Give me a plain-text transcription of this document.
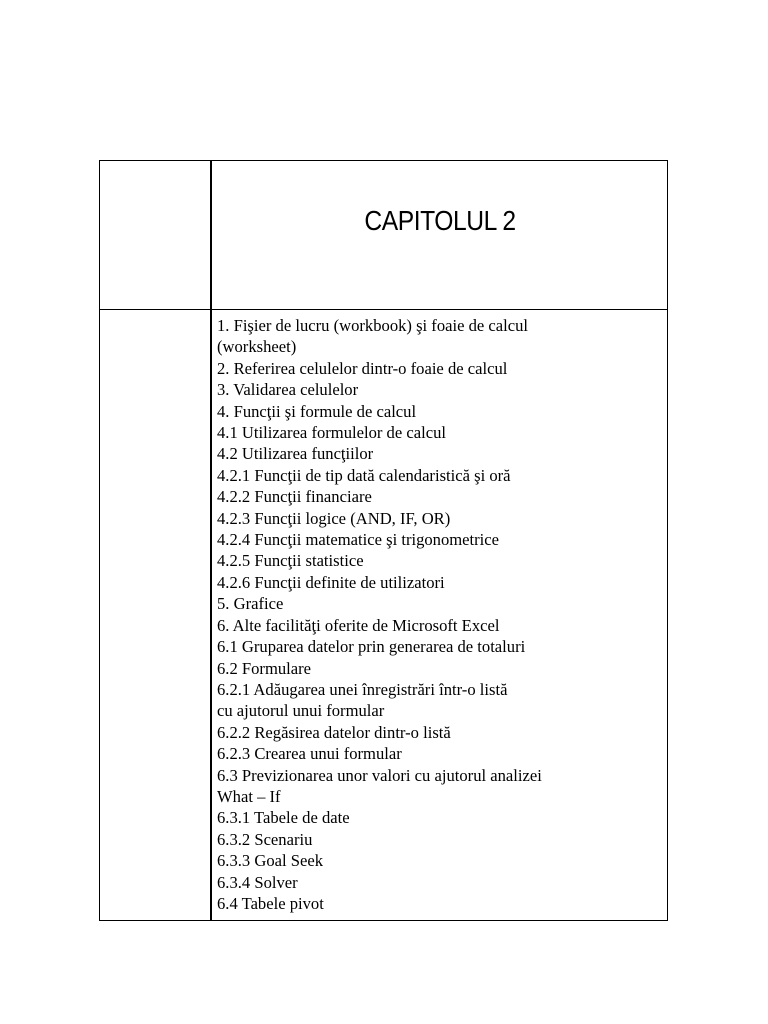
CAPITOLUL 2
1. Fişier de lucru (workbook) şi foaie de calcul
(worksheet)
2. Referirea celulelor dintr-o foaie de calcul
3. Validarea celulelor
4. Funcţii şi formule de calcul
4.1 Utilizarea formulelor de calcul
4.2 Utilizarea funcţiilor
4.2.1 Funcţii de tip dată calendaristică şi oră
4.2.2 Funcţii financiare
4.2.3 Funcţii logice (AND, IF, OR)
4.2.4 Funcţii matematice şi trigonometrice
4.2.5 Funcţii statistice
4.2.6 Funcţii definite de utilizatori
5. Grafice
6. Alte facilităţi oferite de Microsoft Excel
6.1 Gruparea datelor prin generarea de totaluri
6.2 Formulare
6.2.1 Adăugarea unei înregistrări într-o listă
cu ajutorul unui formular
6.2.2 Regăsirea datelor dintr-o listă
6.2.3 Crearea unui formular
6.3 Previzionarea unor valori cu ajutorul analizei
What – If
6.3.1 Tabele de date
6.3.2 Scenariu
6.3.3 Goal Seek
6.3.4 Solver
6.4 Tabele pivot
